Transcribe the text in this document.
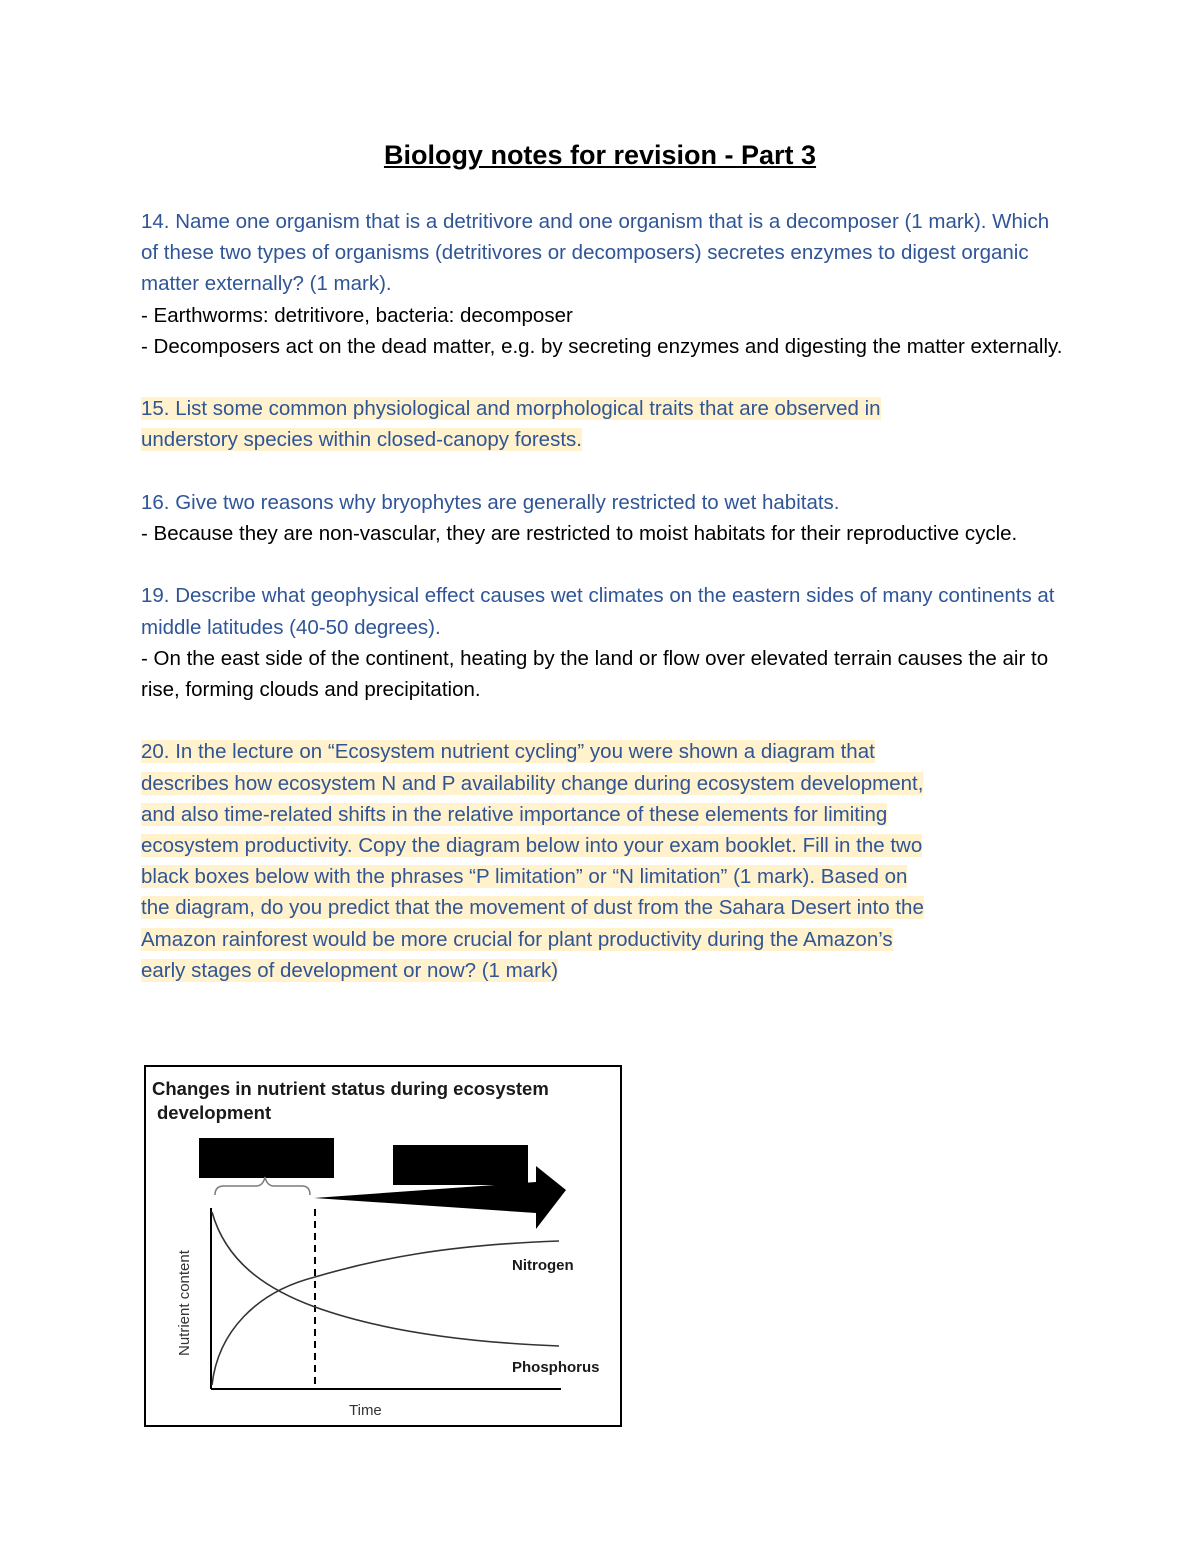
Biology notes for revision - Part 3

14. Name one organism that is a detritivore and one organism that is a decomposer (1 mark). Which of these two types of organisms (detritivores or decomposers) secretes enzymes to digest organic matter externally? (1 mark).

- Earthworms: detritivore, bacteria: decomposer

- Decomposers act on the dead matter, e.g. by secreting enzymes and digesting the matter externally.

15. List some common physiological and morphological traits that are observed in

understory species within closed-canopy forests.

16. Give two reasons why bryophytes are generally restricted to wet habitats.

- Because they are non-vascular, they are restricted to moist habitats for their reproductive cycle.

19. Describe what geophysical effect causes wet climates on the eastern sides of many continents at middle latitudes (40-50 degrees).

- On the east side of the continent, heating by the land or flow over elevated terrain causes the air to rise, forming clouds and precipitation.

20. In the lecture on “Ecosystem nutrient cycling” you were shown a diagram that

describes how ecosystem N and P availability change during ecosystem development,

and also time-related shifts in the relative importance of these elements for limiting

ecosystem productivity. Copy the diagram below into your exam booklet. Fill in the two

black boxes below with the phrases “P limitation” or “N limitation” (1 mark). Based on

the diagram, do you predict that the movement of dust from the Sahara Desert into the

Amazon rainforest would be more crucial for plant productivity during the Amazon’s

early stages of development or now? (1 mark)

Changes in nutrient status during ecosystem
development
Nitrogen
Phosphorus
Time
Nutrient content
